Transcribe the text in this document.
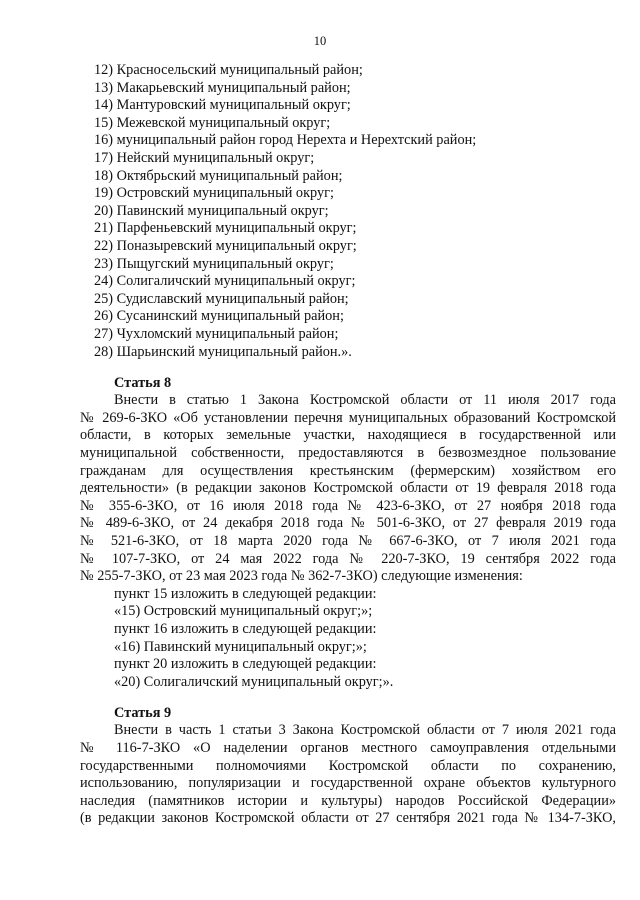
10
12) Красносельский муниципальный район;
13) Макарьевский муниципальный район;
14) Мантуровский муниципальный округ;
15) Межевской муниципальный округ;
16) муниципальный район город Нерехта и Нерехтский район;
17) Нейский муниципальный округ;
18) Октябрьский муниципальный район;
19) Островский муниципальный округ;
20) Павинский муниципальный округ;
21) Парфеньевский муниципальный округ;
22) Поназыревский муниципальный округ;
23) Пыщугский муниципальный округ;
24) Солигаличский муниципальный округ;
25) Судиславский муниципальный район;
26) Сусанинский муниципальный район;
27) Чухломский муниципальный район;
28) Шарьинский муниципальный район.».
Статья 8
Внести в статью 1 Закона Костромской области от 11 июля 2017 года
№ 269-6-ЗКО «Об установлении перечня муниципальных образований Костромской
области, в которых земельные участки, находящиеся в государственной или
муниципальной собственности, предоставляются в безвозмездное пользование
гражданам для осуществления крестьянским (фермерским) хозяйством его
деятельности» (в редакции законов Костромской области от 19 февраля 2018 года
№ 355-6-ЗКО, от 16 июля 2018 года № 423-6-ЗКО, от 27 ноября 2018 года
№ 489-6-ЗКО, от 24 декабря 2018 года № 501-6-ЗКО, от 27 февраля 2019 года
№ 521-6-ЗКО, от 18 марта 2020 года № 667-6-ЗКО, от 7 июля 2021 года
№ 107-7-ЗКО, от 24 мая 2022 года № 220-7-ЗКО, 19 сентября 2022 года
№ 255-7-ЗКО, от 23 мая 2023 года № 362-7-ЗКО) следующие изменения:
пункт 15 изложить в следующей редакции:
«15) Островский муниципальный округ;»;
пункт 16 изложить в следующей редакции:
«16) Павинский муниципальный округ;»;
пункт 20 изложить в следующей редакции:
«20) Солигаличский муниципальный округ;».
Статья 9
Внести в часть 1 статьи 3 Закона Костромской области от 7 июля 2021 года
№ 116-7-ЗКО «О наделении органов местного самоуправления отдельными
государственными полномочиями Костромской области по сохранению,
использованию, популяризации и государственной охране объектов культурного
наследия (памятников истории и культуры) народов Российской Федерации»
(в редакции законов Костромской области от 27 сентября 2021 года № 134-7-ЗКО,
